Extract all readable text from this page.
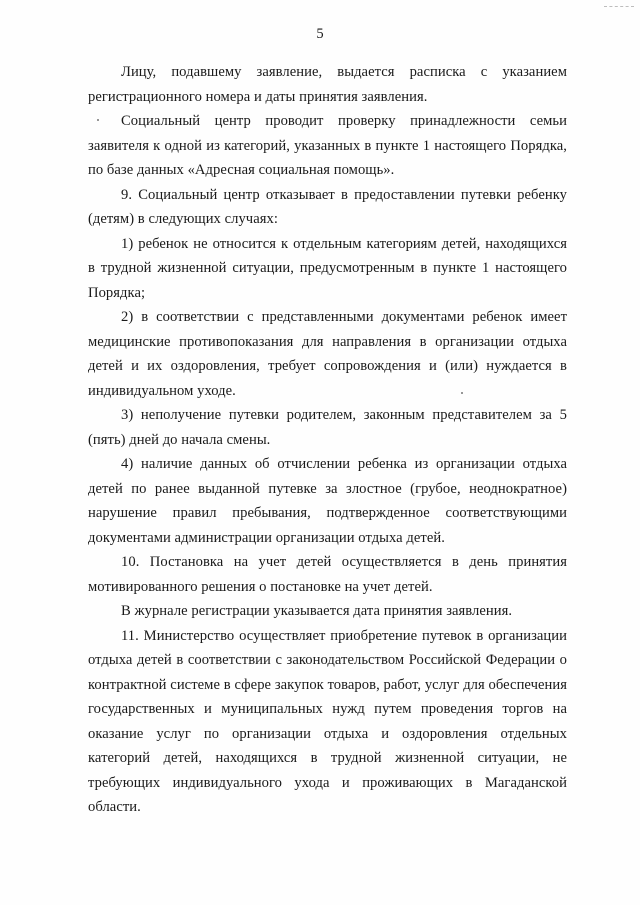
5

Лицу, подавшему заявление, выдается расписка с указанием регистрационного номера и даты принятия заявления.

Социальный центр проводит проверку принадлежности семьи заявителя к одной из категорий, указанных в пункте 1 настоящего Порядка, по базе данных «Адресная социальная помощь».

9. Социальный центр отказывает в предоставлении путевки ребенку (детям) в следующих случаях:

1) ребенок не относится к отдельным категориям детей, находящихся в трудной жизненной ситуации, предусмотренным в пункте 1 настоящего Порядка;

2) в соответствии с представленными документами ребенок имеет медицинские противопоказания для направления в организации отдыха детей и их оздоровления, требует сопровождения и (или) нуждается в индивидуальном уходе.

3) неполучение путевки родителем, законным представителем за 5 (пять) дней до начала смены.

4) наличие данных об отчислении ребенка из организации отдыха детей по ранее выданной путевке за злостное (грубое, неоднократное) нарушение правил пребывания, подтвержденное соответствующими документами администрации организации отдыха детей.

10. Постановка на учет детей осуществляется в день принятия мотивированного решения о постановке на учет детей.

В журнале регистрации указывается дата принятия заявления.

11. Министерство осуществляет приобретение путевок в организации отдыха детей в соответствии с законодательством Российской Федерации о контрактной системе в сфере закупок товаров, работ, услуг для обеспечения государственных и муниципальных нужд путем проведения торгов на оказание услуг по организации отдыха и оздоровления отдельных категорий детей, находящихся в трудной жизненной ситуации, не требующих индивидуального ухода и проживающих в Магаданской области.
